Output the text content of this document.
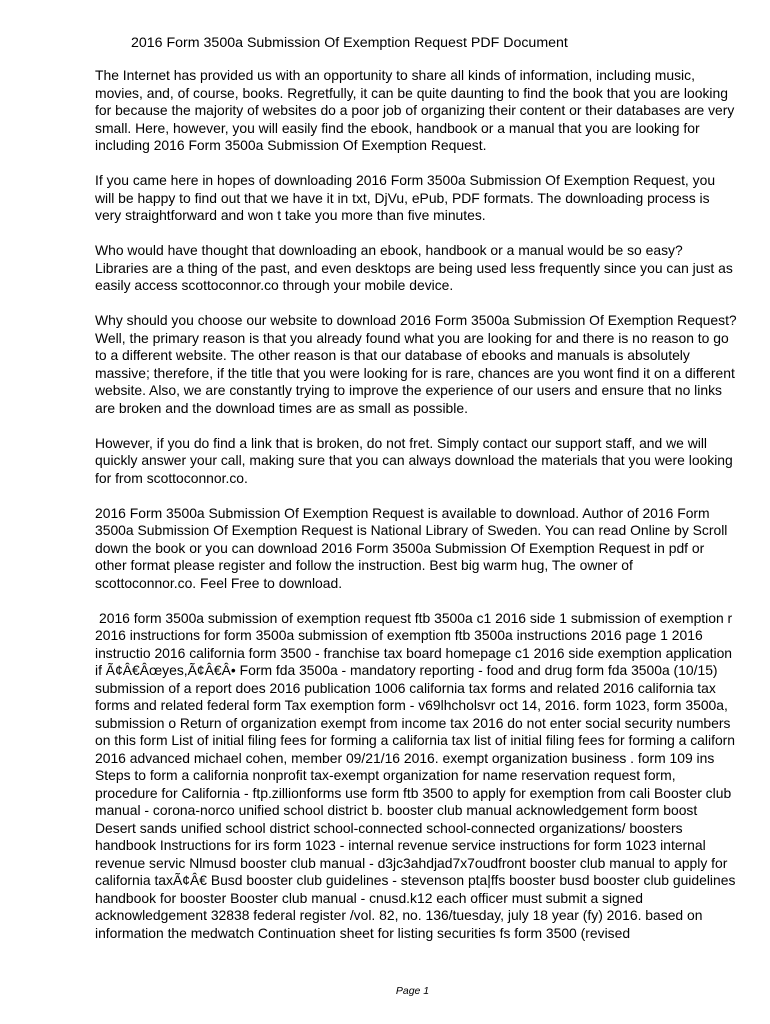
2016 Form 3500a Submission Of Exemption Request PDF Document

The Internet has provided us with an opportunity to share all kinds of information, including music, movies, and, of course, books. Regretfully, it can be quite daunting to find the book that you are looking for because the majority of websites do a poor job of organizing their content or their databases are very small. Here, however, you will easily find the ebook, handbook or a manual that you are looking for including 2016 Form 3500a Submission Of Exemption Request.

If you came here in hopes of downloading 2016 Form 3500a Submission Of Exemption Request, you will be happy to find out that we have it in txt, DjVu, ePub, PDF formats. The downloading process is very straightforward and won t take you more than five minutes.

Who would have thought that downloading an ebook, handbook or a manual would be so easy? Libraries are a thing of the past, and even desktops are being used less frequently since you can just as easily access scottoconnor.co through your mobile device.

Why should you choose our website to download 2016 Form 3500a Submission Of Exemption Request? Well, the primary reason is that you already found what you are looking for and there is no reason to go to a different website. The other reason is that our database of ebooks and manuals is absolutely massive; therefore, if the title that you were looking for is rare, chances are you wont find it on a different website. Also, we are constantly trying to improve the experience of our users and ensure that no links are broken and the download times are as small as possible.

However, if you do find a link that is broken, do not fret. Simply contact our support staff, and we will quickly answer your call, making sure that you can always download the materials that you were looking for from scottoconnor.co.

2016 Form 3500a Submission Of Exemption Request is available to download. Author of 2016 Form 3500a Submission Of Exemption Request is National Library of Sweden. You can read Online by Scroll down the book or you can download 2016 Form 3500a Submission Of Exemption Request in pdf or other format please register and follow the instruction. Best big warm hug, The owner of scottoconnor.co. Feel Free to download.

2016 form 3500a submission of exemption request ftb 3500a c1 2016 side 1 submission of exemption r 2016 instructions for form 3500a submission of exemption ftb 3500a instructions 2016 page 1 2016 instructio 2016 california form 3500 - franchise tax board homepage c1 2016 side exemption application if Ã¢Â€Âœyes,Ã¢Â€Â• Form fda 3500a - mandatory reporting - food and drug form fda 3500a (10/15) submission of a report does 2016 publication 1006 california tax forms and related 2016 california tax forms and related federal form Tax exemption form - v69lhcholsvr oct 14, 2016. form 1023, form 3500a, submission o Return of organization exempt from income tax 2016 do not enter social security numbers on this form List of initial filing fees for forming a california tax list of initial filing fees for forming a californ 2016 advanced michael cohen, member 09/21/16 2016. exempt organization business . form 109 ins Steps to form a california nonprofit tax-exempt organization for name reservation request form, procedure for California - ftp.zillionforms use form ftb 3500 to apply for exemption from cali Booster club manual - corona-norco unified school district b. booster club manual acknowledgement form boost Desert sands unified school district school-connected school-connected organizations/ boosters handbook Instructions for irs form 1023 - internal revenue service instructions for form 1023 internal revenue servic Nlmusd booster club manual - d3jc3ahdjad7x7oudfront booster club manual to apply for california taxÃ¢Â€ Busd booster club guidelines - stevenson pta|ffs booster busd booster club guidelines handbook for booster Booster club manual - cnusd.k12 each officer must submit a signed acknowledgement 32838 federal register /vol. 82, no. 136/tuesday, july 18 year (fy) 2016. based on information the medwatch Continuation sheet for listing securities fs form 3500 (revised

Page 1
